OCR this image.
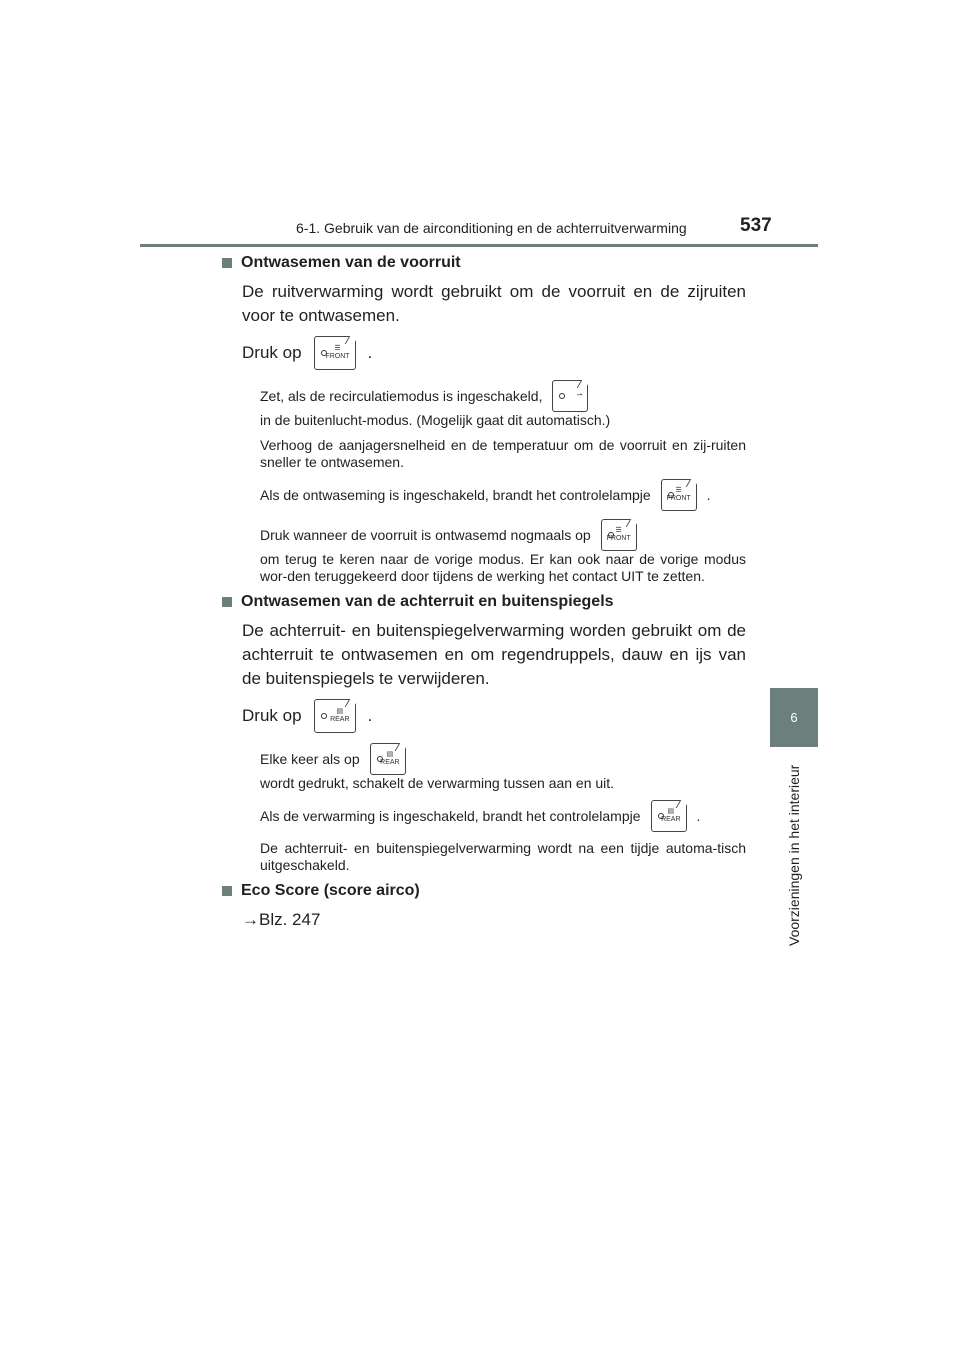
6-1. Gebruik van de airconditioning en de achterruitverwarming	537
6
Voorzieningen in het interieur
Ontwasemen van de voorruit

De ruitverwarming wordt gebruikt om de voorruit en de zijruiten voor te ontwasemen.

Druk op	☰
FRONT .
Zet, als de recirculatiemodus is ingeschakeld,	⇀
in de buitenlucht-modus. (Mogelijk gaat dit automatisch.)
Verhoog de aanjagersnelheid en de temperatuur om de voorruit en zij-ruiten sneller te ontwasemen.
Als de ontwaseming is ingeschakeld, brandt het controlelampje	☰
FRONT .
Druk wanneer de voorruit is ontwasemd nogmaals op	☰
FRONT
om terug te keren naar de vorige modus. Er kan ook naar de vorige modus wor-den teruggekeerd door tijdens de werking het contact UIT te zetten.
Ontwasemen van de achterruit en buitenspiegels

De achterruit- en buitenspiegelverwarming worden gebruikt om de achterruit te ontwasemen en om regendruppels, dauw en ijs van de buitenspiegels te verwijderen.

Druk op	▤
REAR .
Elke keer als op	▤
REAR
wordt gedrukt, schakelt de verwarming tussen aan en uit.
Als de verwarming is ingeschakeld, brandt het controlelampje	▤
REAR .
De achterruit- en buitenspiegelverwarming wordt na een tijdje automa-tisch uitgeschakeld.
Eco Score (score airco)

→Blz. 247
